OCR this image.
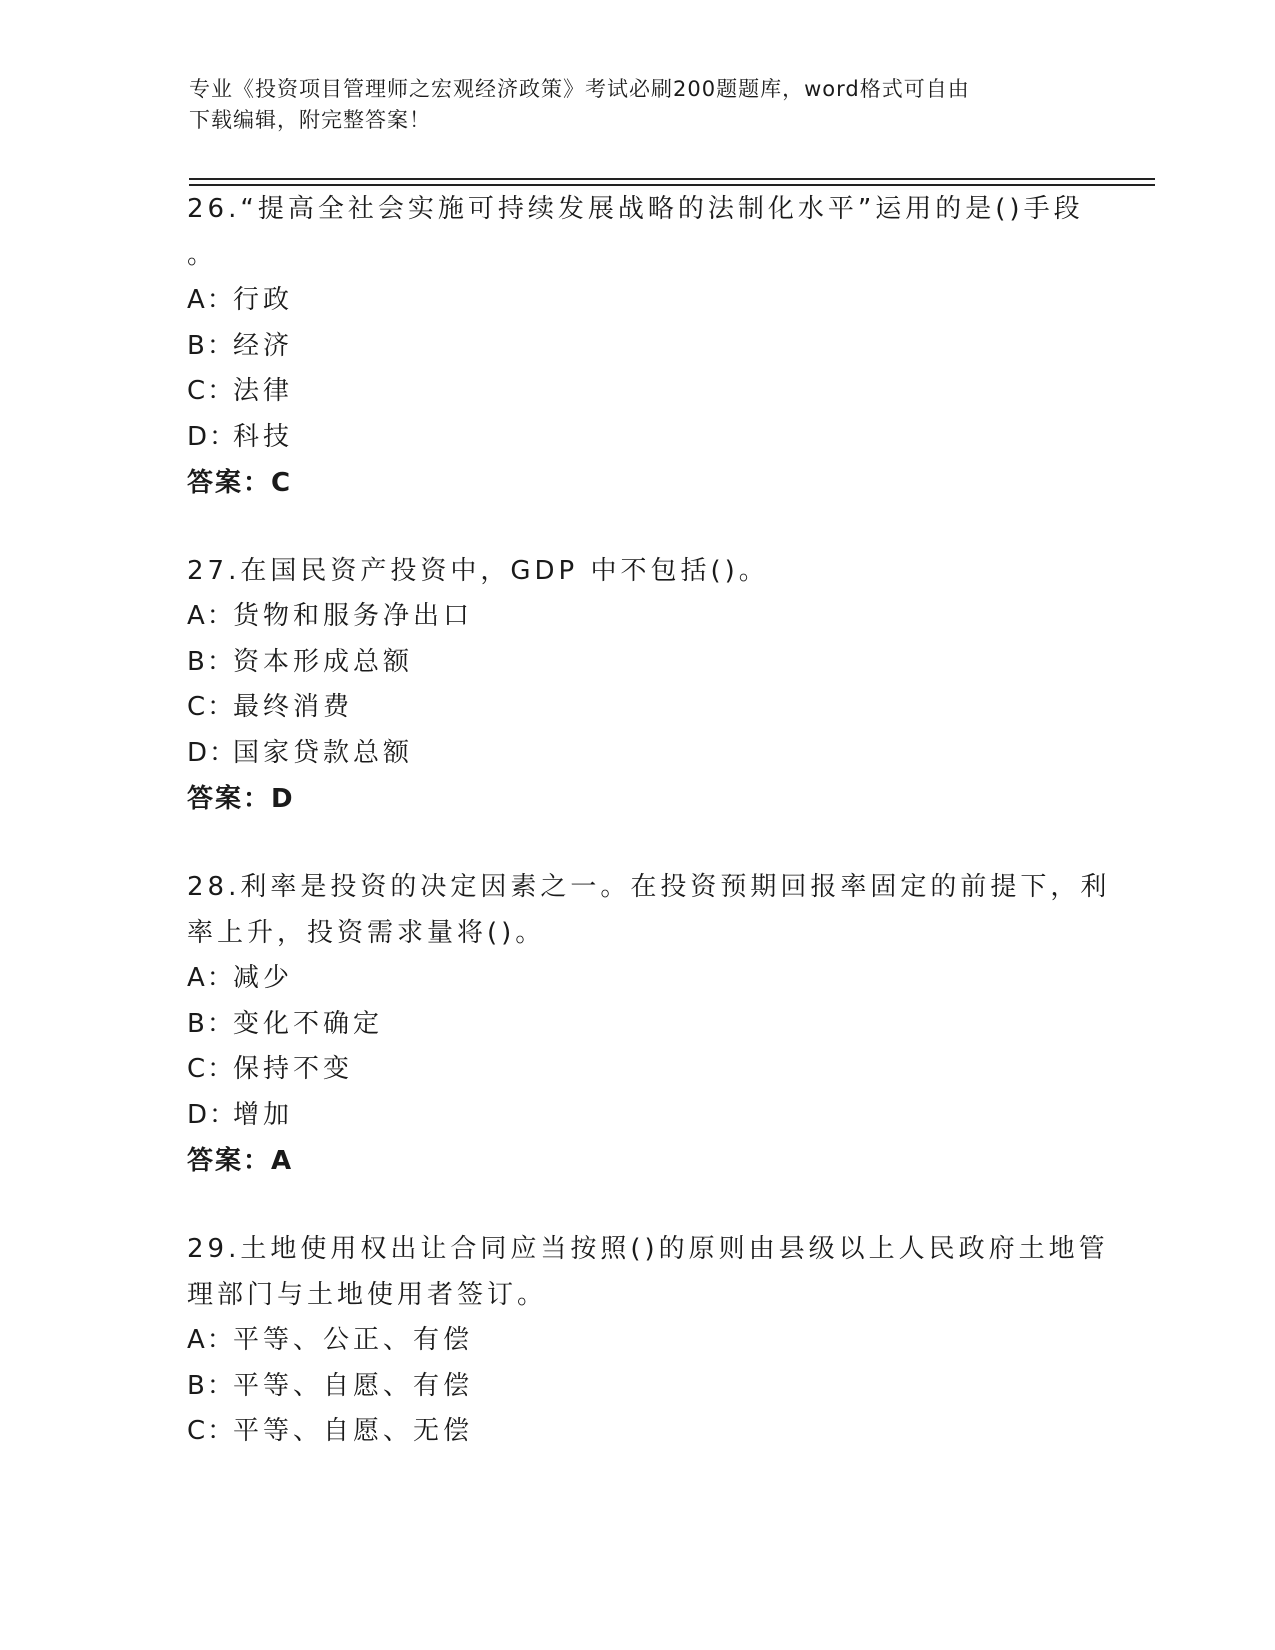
专业《投资项目管理师之宏观经济政策》考试必刷200题题库，word格式可自由
下载编辑，附完整答案！
26.“提高全社会实施可持续发展战略的法制化水平”运用的是()手段
。
A：行政
B：经济
C：法律
D：科技
答案：C
27.在国民资产投资中，GDP 中不包括()。
A：货物和服务净出口
B：资本形成总额
C：最终消费
D：国家贷款总额
答案：D
28.利率是投资的决定因素之一。在投资预期回报率固定的前提下，利
率上升，投资需求量将()。
A：减少
B：变化不确定
C：保持不变
D：增加
答案：A
29.土地使用权出让合同应当按照()的原则由县级以上人民政府土地管
理部门与土地使用者签订。
A：平等、公正、有偿
B：平等、自愿、有偿
C：平等、自愿、无偿
